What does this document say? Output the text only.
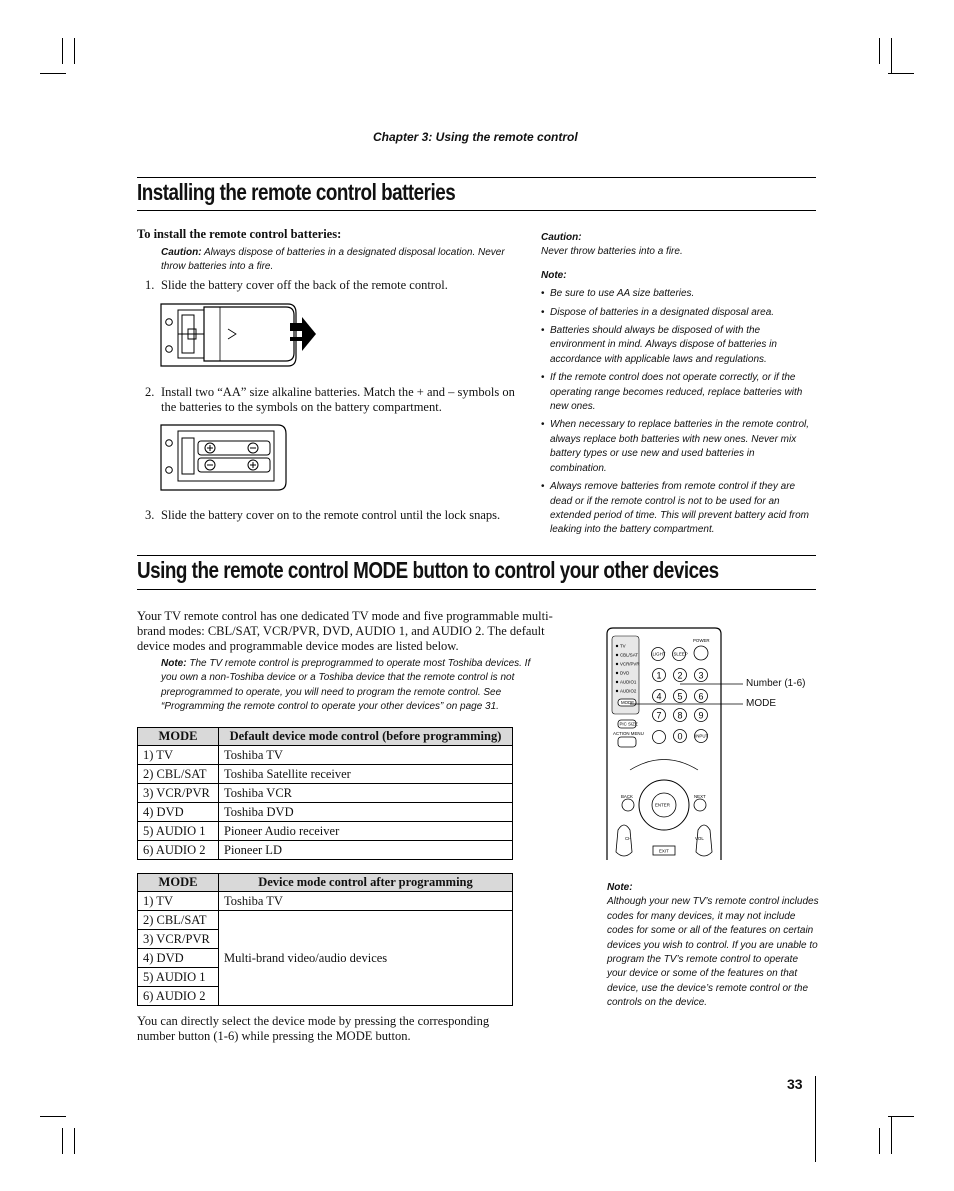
Chapter 3: Using the remote control
Installing the remote control batteries
To install the remote control batteries:
Caution: Always dispose of batteries in a designated disposal location. Never throw batteries into a fire.
1. Slide the battery cover off the back of the remote control.
2. Install two “AA” size alkaline batteries. Match the + and – symbols on the batteries to the symbols on the battery compartment.
3. Slide the battery cover on to the remote control until the lock snaps.
Caution:
Never throw batteries into a fire.
Note:
• Be sure to use AA size batteries.
• Dispose of batteries in a designated disposal area.
• Batteries should always be disposed of with the environment in mind. Always dispose of batteries in accordance with applicable laws and regulations.
• If the remote control does not operate correctly, or if the operating range becomes reduced, replace batteries with new ones.
• When necessary to replace batteries in the remote control, always replace both batteries with new ones. Never mix battery types or use new and used batteries in combination.
• Always remove batteries from remote control if they are dead or if the remote control is not to be used for an extended period of time. This will prevent battery acid from leaking into the battery compartment.
Using the remote control MODE button to control your other devices
Your TV remote control has one dedicated TV mode and five programmable multi-brand modes: CBL/SAT, VCR/PVR, DVD, AUDIO 1, and AUDIO 2. The default device modes and programmable device modes are listed below.
Note: The TV remote control is preprogrammed to operate most Toshiba devices. If you own a non-Toshiba device or a Toshiba device that the remote control is not preprogrammed to operate, you will need to program the remote control. See “Programming the remote control to operate your other devices” on page 31.
MODE	Default device mode control (before programming)
1) TV	Toshiba TV
2) CBL/SAT	Toshiba Satellite receiver
3) VCR/PVR	Toshiba VCR
4) DVD	Toshiba DVD
5) AUDIO 1	Pioneer Audio receiver
6) AUDIO 2	Pioneer LD
MODE	Device mode control after programming
1) TV	Toshiba TV
2) CBL/SAT	Multi-brand video/audio devices
3) VCR/PVR	
4) DVD	
5) AUDIO 1	
6) AUDIO 2	
You can directly select the device mode by pressing the corresponding number button (1-6) while pressing the MODE button.
TV
CBL/SAT
VCR/PVR
DVD
AUDIO1
AUDIO2
MODE
POWER
LIGHT SLEEP
1 2 3
4 5 6
PIC SIZE
7 8 9
ACTION MENU	0	INPUT
ENTER
BACK	NEXT
CH	VOL
EXIT
Number (1-6)
MODE
Note:
Although your new TV’s remote control includes codes for many devices, it may not include codes for some or all of the features on certain devices you wish to control. If you are unable to program the TV’s remote control to operate your device or some of the features on that device, use the device’s remote control or the controls on the device.
33
